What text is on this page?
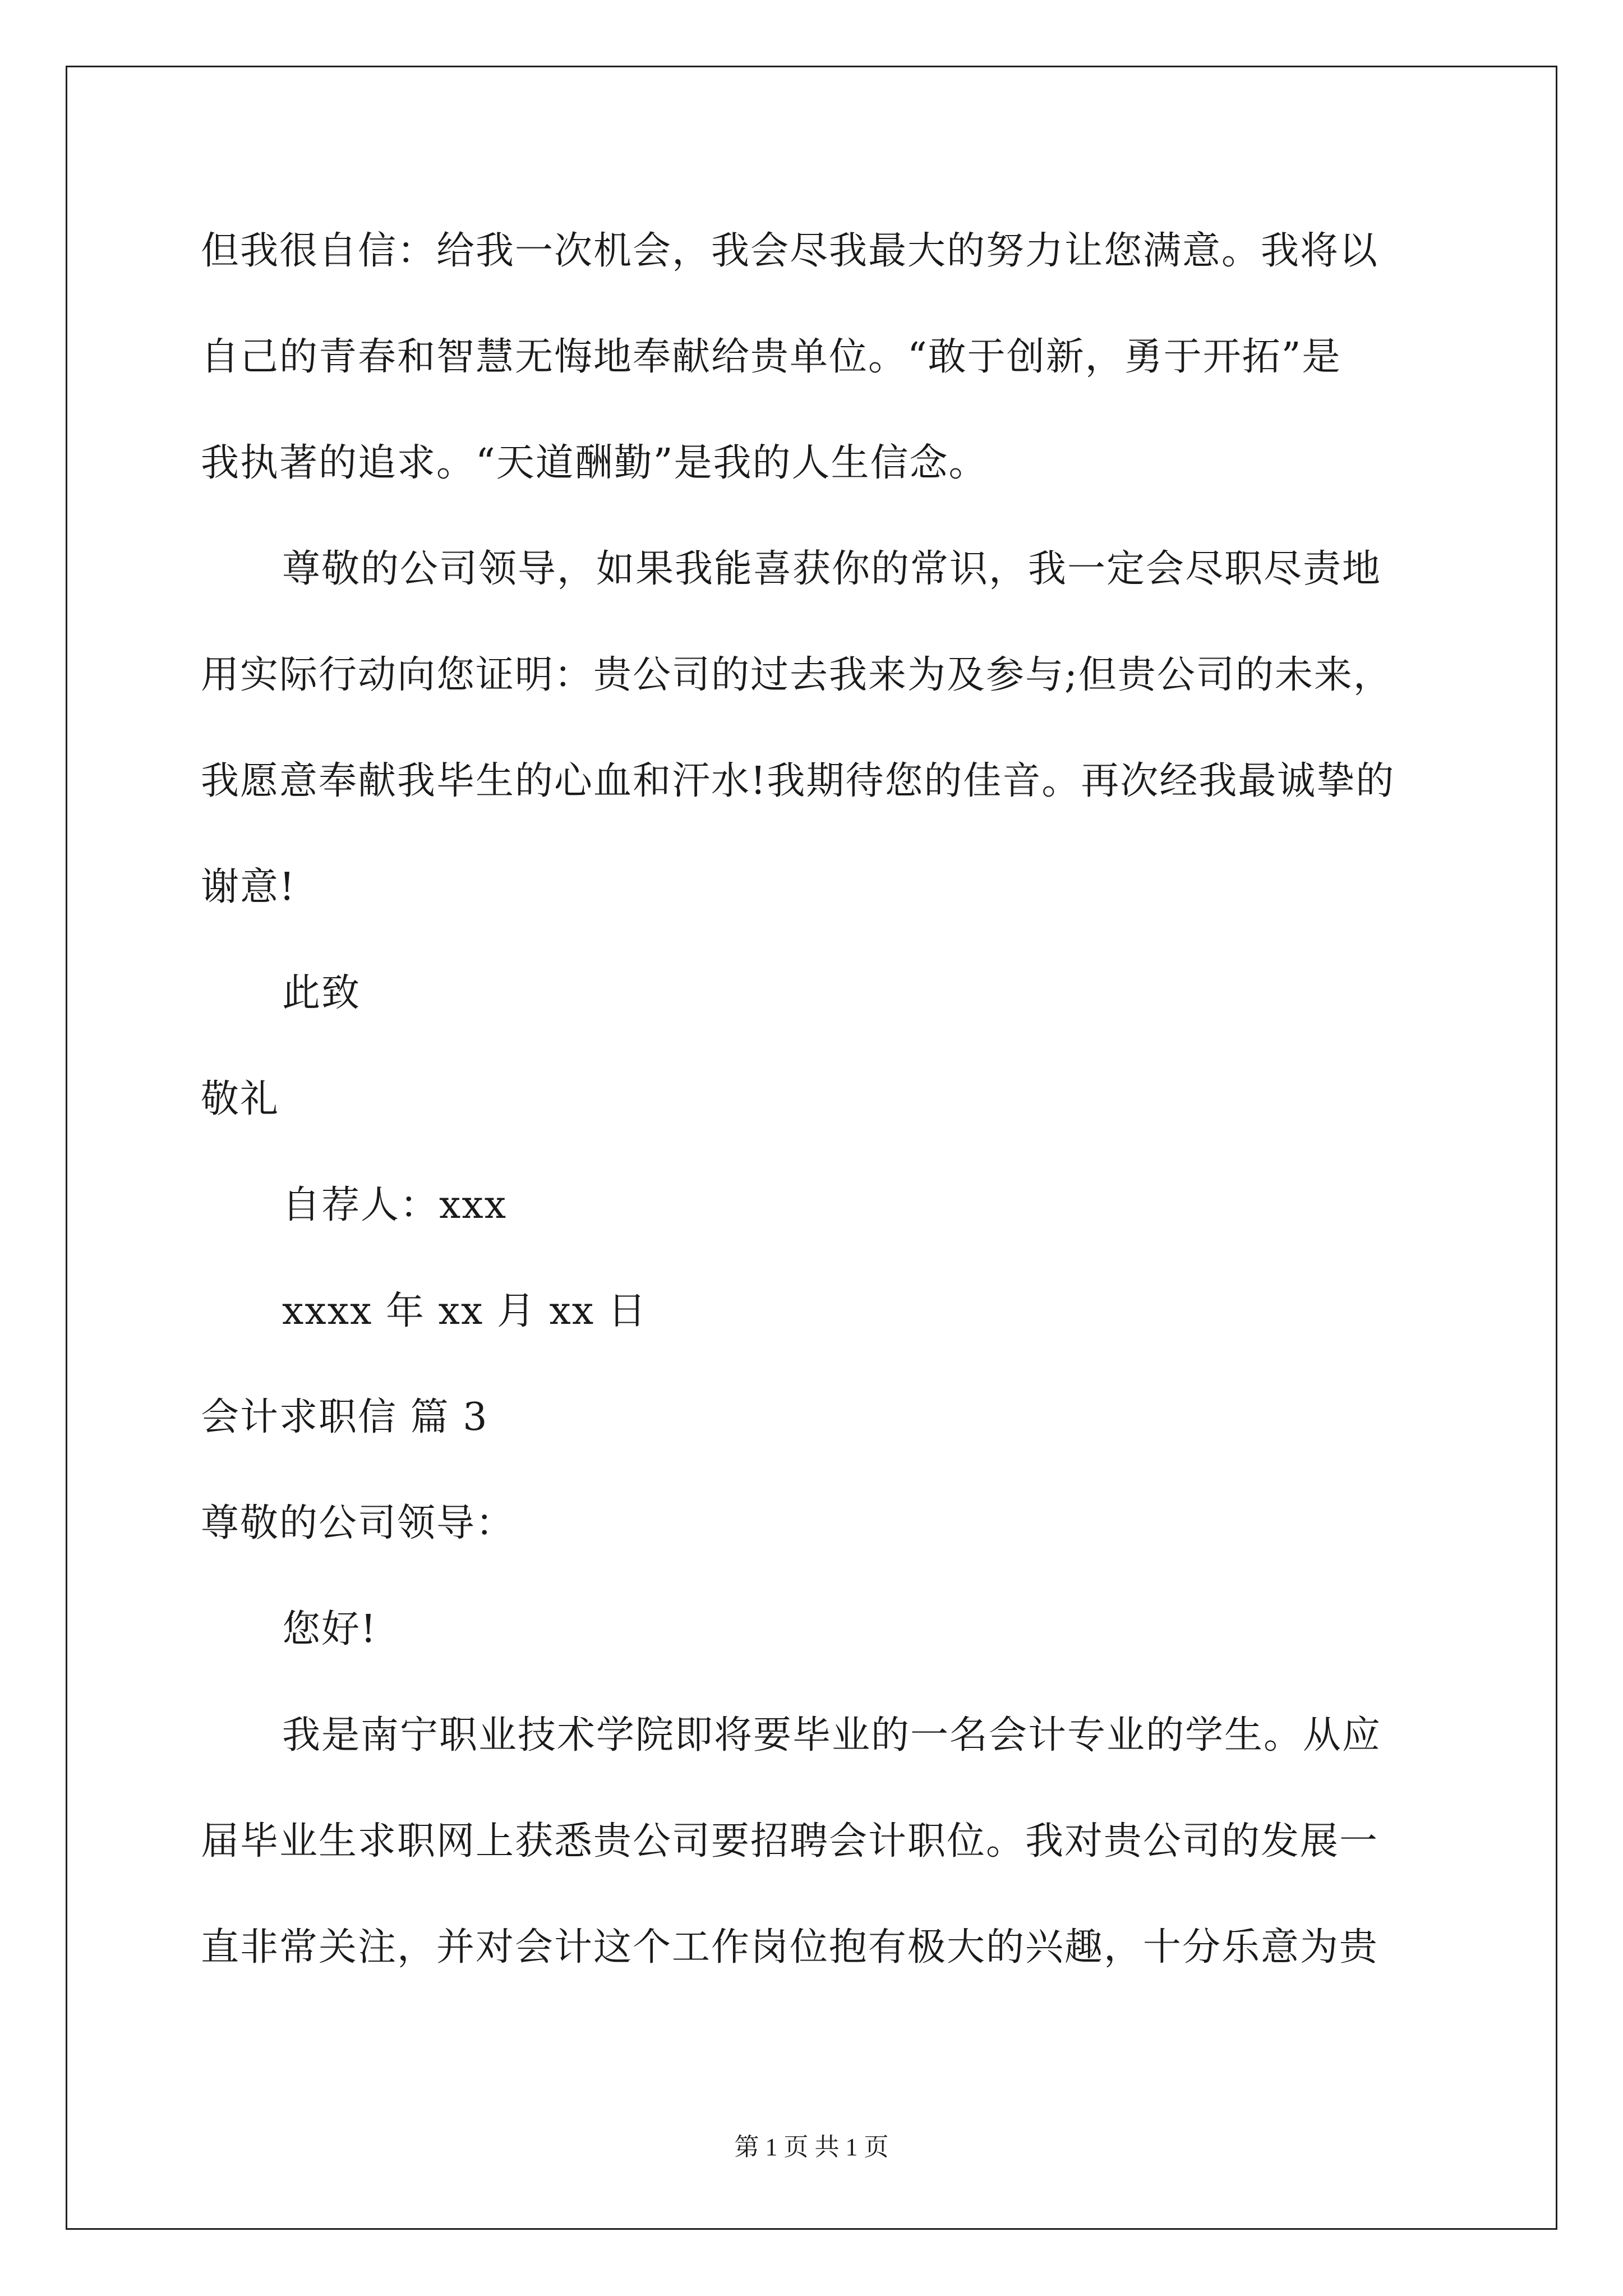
但我很自信：给我一次机会，我会尽我最大的努力让您满意。我将以
自己的青春和智慧无悔地奉献给贵单位。“敢于创新，勇于开拓”是
我执著的追求。“天道酬勤”是我的人生信念。
尊敬的公司领导，如果我能喜获你的常识，我一定会尽职尽责地
用实际行动向您证明：贵公司的过去我来为及参与;但贵公司的未来，
我愿意奉献我毕生的心血和汗水!我期待您的佳音。再次经我最诚挚的
谢意!
此致
敬礼
自荐人：xxx
xxxx 年 xx 月 xx 日
会计求职信 篇 3
尊敬的公司领导：
您好!
我是南宁职业技术学院即将要毕业的一名会计专业的学生。从应
届毕业生求职网上获悉贵公司要招聘会计职位。我对贵公司的发展一
直非常关注，并对会计这个工作岗位抱有极大的兴趣，十分乐意为贵
第 1 页 共 1 页
